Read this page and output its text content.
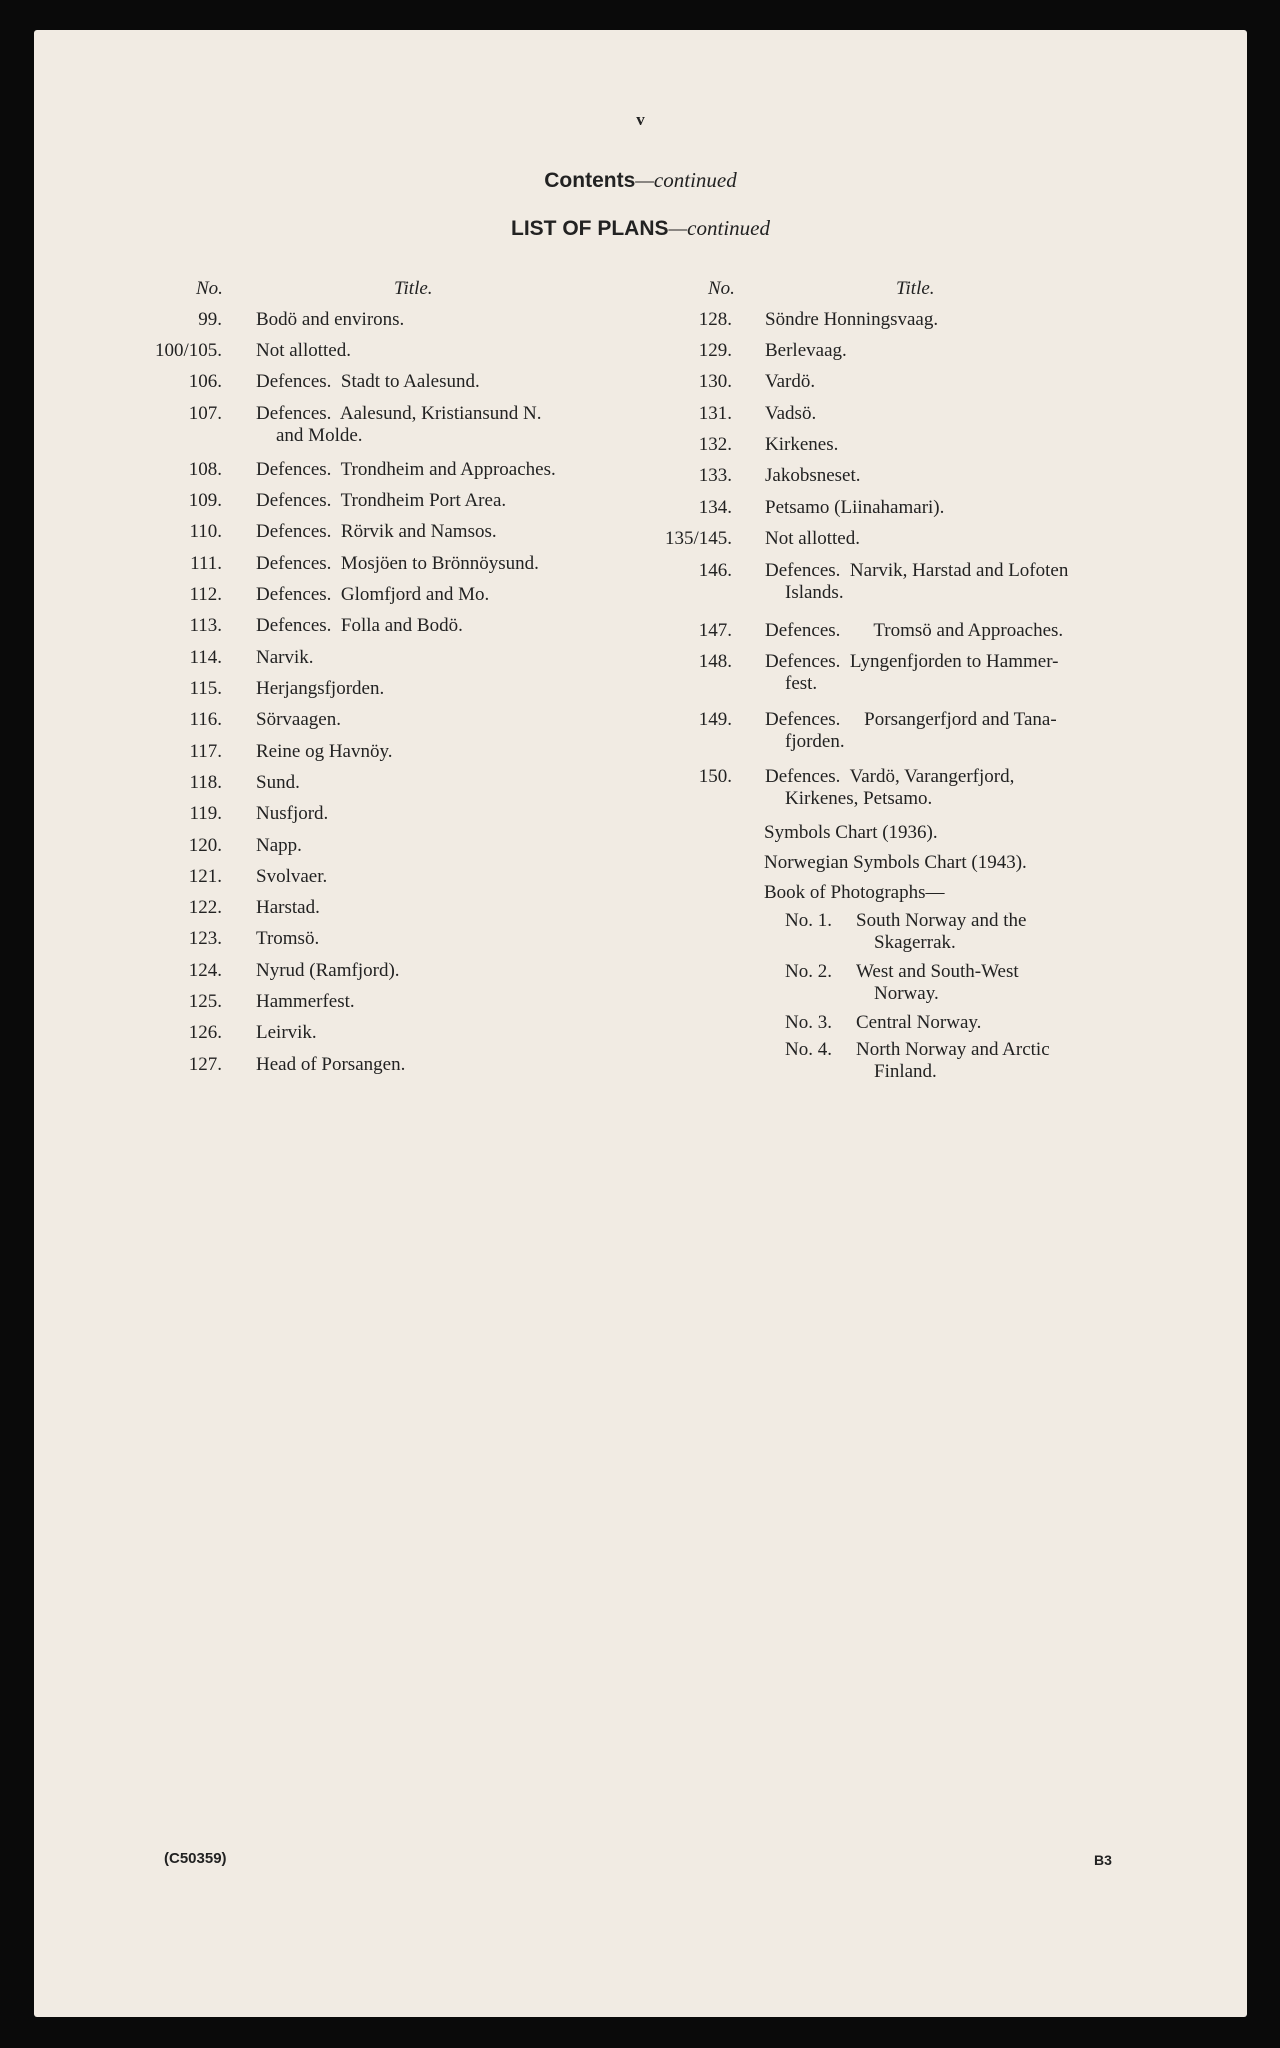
v
Contents—continued
LIST OF PLANS—continued
No.	Title.	No.	Title.
99. Bodö and environs.
100/105. Not allotted.
106. Defences.  Stadt to Aalesund.
107. Defences.  Aalesund, Kristiansund N.
and Molde.
108. Defences.  Trondheim and Approaches.
109. Defences.  Trondheim Port Area.
110. Defences.  Rörvik and Namsos.
111. Defences.  Mosjöen to Brönnöysund.
112. Defences.  Glomfjord and Mo.
113. Defences.  Folla and Bodö.
114. Narvik.
115. Herjangsfjorden.
116. Sörvaagen.
117. Reine og Havnöy.
118. Sund.
119. Nusfjord.
120. Napp.
121. Svolvaer.
122. Harstad.
123. Tromsö.
124. Nyrud (Ramfjord).
125. Hammerfest.
126. Leirvik.
127. Head of Porsangen.
128. Söndre Honningsvaag.
129. Berlevaag.
130. Vardö.
131. Vadsö.
132. Kirkenes.
133. Jakobsneset.
134. Petsamo (Liinahamari).
135/145. Not allotted.
146. Defences.  Narvik, Harstad and Lofoten
Islands.
147. Defences.       Tromsö and Approaches.
148. Defences.  Lyngenfjorden to Hammer-
fest.
149. Defences.     Porsangerfjord and Tana-
fjorden.
150. Defences.  Vardö, Varangerfjord,
Kirkenes, Petsamo.
Symbols Chart (1936).
Norwegian Symbols Chart (1943).
Book of Photographs—
No. 1. South Norway and the
Skagerrak.
No. 2. West and South-West
Norway.
No. 3. Central Norway.
No. 4. North Norway and Arctic
Finland.
(C50359)	B3
